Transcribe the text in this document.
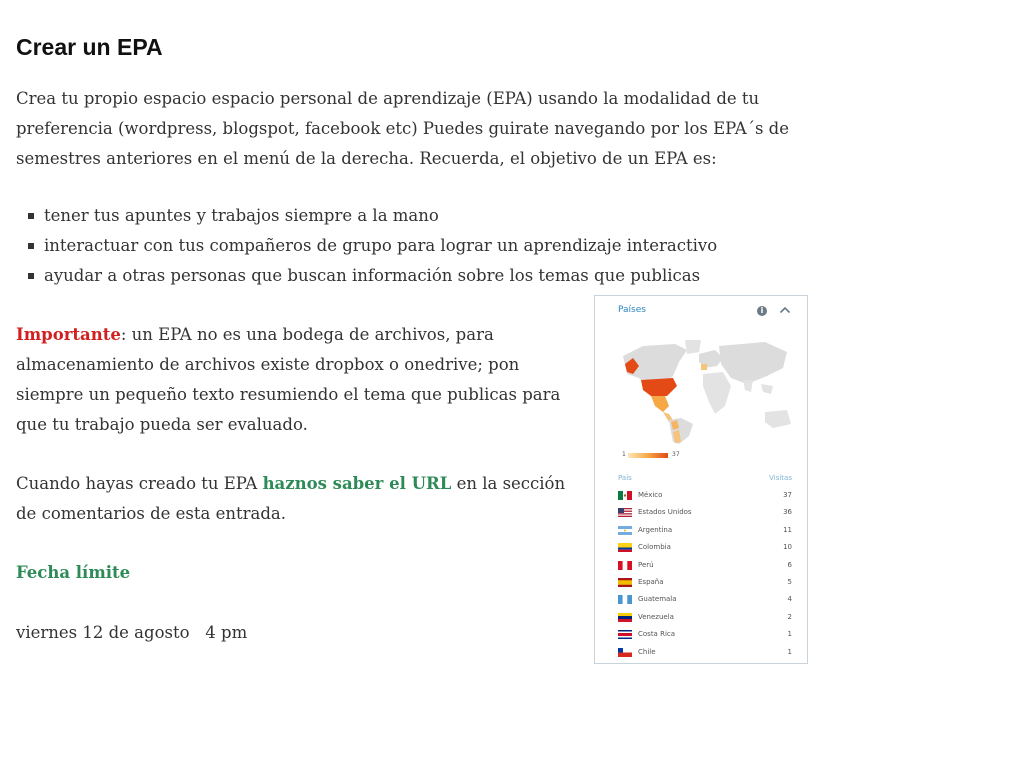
Crear un EPA

Crea tu propio espacio espacio personal de aprendizaje (EPA) usando la modalidad de tu preferencia (wordpress, blogspot, facebook etc) Puedes guirate navegando por los EPA´s de semestres anteriores en el menú de la derecha. Recuerda, el objetivo de un EPA es:

tener tus apuntes y trabajos siempre a la mano
interactuar con tus compañeros de grupo para lograr un aprendizaje interactivo
ayudar a otras personas que buscan información sobre los temas que publicas

Importante: un EPA no es una bodega de archivos, para almacenamiento de archivos existe dropbox o onedrive; pon siempre un pequeño texto resumiendo el tema que publicas para que tu trabajo pueda ser evaluado.

Cuando hayas creado tu EPA haznos saber el URL en la sección de comentarios de esta entrada.

Fecha límite

viernes 12 de agosto   4 pm

Países	i
1	37
País	Visitas
México	37
Estados Unidos	36
Argentina	11
Colombia	10
Perú	6
España	5
Guatemala	4
Venezuela	2
Costa Rica	1
Chile	1
